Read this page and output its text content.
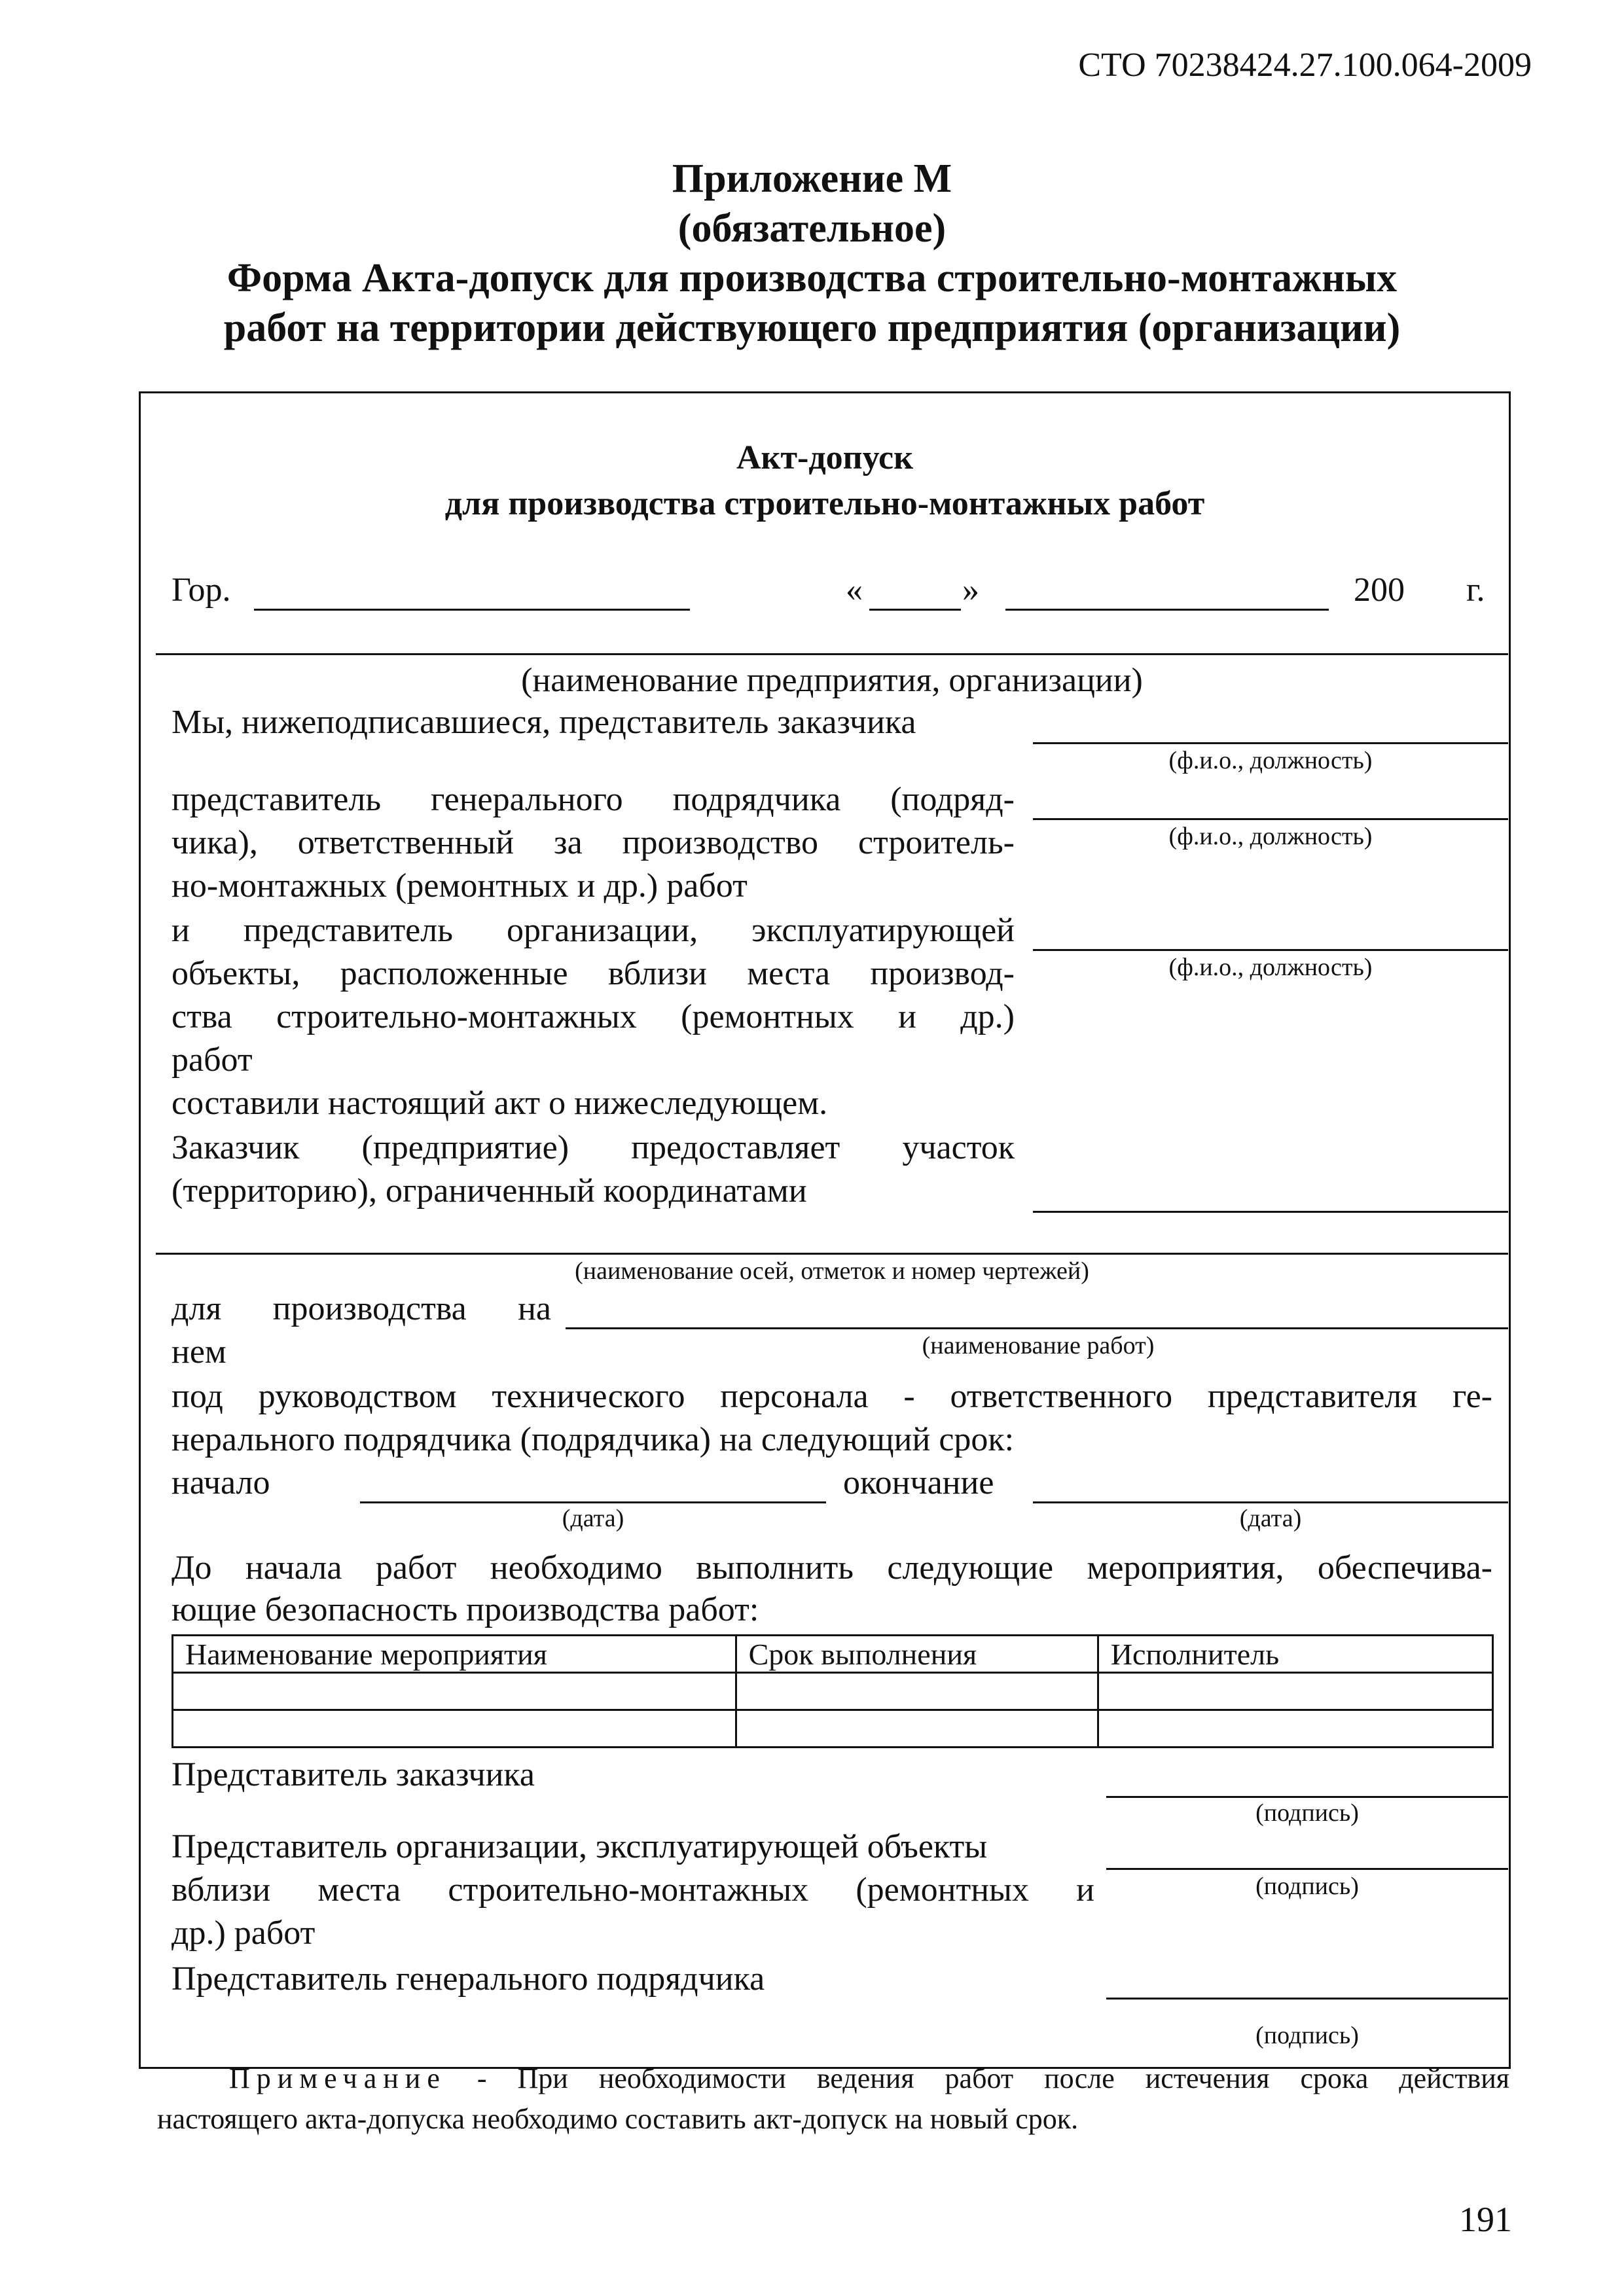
СТО 70238424.27.100.064-2009
Приложение М
(обязательное)
Форма Акта-допуск для производства строительно-монтажных
работ на территории действующего предприятия (организации)
Акт-допуск
для производства строительно-монтажных работ
Гор.	«	»	200 г.
(наименование предприятия, организации)
Мы, нижеподписавшиеся, представитель заказчика
(ф.и.о., должность)
представитель генерального подрядчика (подряд-
чика), ответственный за производство строитель-
но-монтажных (ремонтных и др.) работ
(ф.и.о., должность)
и представитель организации, эксплуатирующей
объекты, расположенные вблизи места производ-
ства строительно-монтажных (ремонтных и др.)
работ
(ф.и.о., должность)
составили настоящий акт о нижеследующем.
Заказчик (предприятие) предоставляет участок
(территорию), ограниченный координатами
(наименование осей, отметок и номер чертежей)
для производства на
нем	(наименование работ)
под руководством технического персонала - ответственного представителя ге-
нерального подрядчика (подрядчика) на следующий срок:
начало
(дата)
окончание
(дата)
До начала работ необходимо выполнить следующие мероприятия, обеспечива-
ющие безопасность производства работ:
Наименование мероприятия	Срок выполнения	Исполнитель

Представитель заказчика
(подпись)
Представитель организации, эксплуатирующей объекты
вблизи места строительно-монтажных (ремонтных и
др.) работ
(подпись)
Представитель генерального подрядчика
(подпись)
Примечание - При необходимости ведения работ после истечения срока действия
настоящего акта-допуска необходимо составить акт-допуск на новый срок.
191
